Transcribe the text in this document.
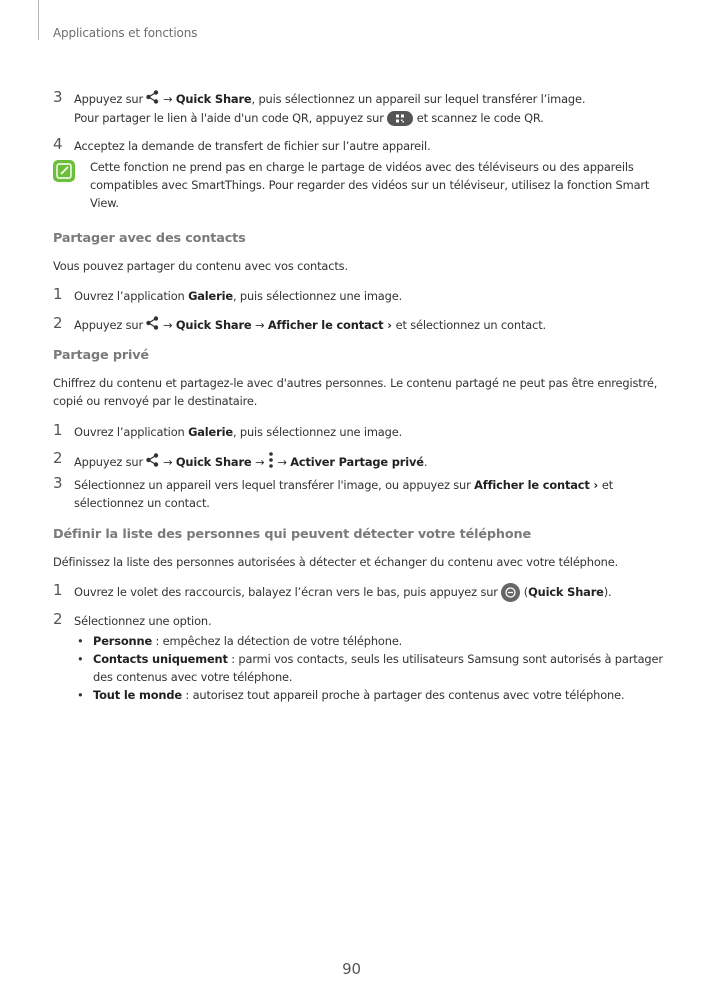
Applications et fonctions
3 Appuyez sur  → Quick Share, puis sélectionnez un appareil sur lequel transférer l’image.
Pour partager le lien à l'aide d'un code QR, appuyez sur
et scannez le code QR.
4 Acceptez la demande de transfert de fichier sur l’autre appareil.
Cette fonction ne prend pas en charge le partage de vidéos avec des téléviseurs ou des appareils compatibles avec SmartThings. Pour regarder des vidéos sur un téléviseur, utilisez la fonction Smart View.
Partager avec des contacts
Vous pouvez partager du contenu avec vos contacts.
1 Ouvrez l’application Galerie, puis sélectionnez une image.
2 Appuyez sur  → Quick Share → Afficher le contact › et sélectionnez un contact.
Partage privé
Chiffrez du contenu et partagez-le avec d'autres personnes. Le contenu partagé ne peut pas être enregistré, copié ou renvoyé par le destinataire.
1 Ouvrez l’application Galerie, puis sélectionnez une image.
2 Appuyez sur  → Quick Share →  → Activer Partage privé.
3 Sélectionnez un appareil vers lequel transférer l'image, ou appuyez sur Afficher le contact › et sélectionnez un contact.
Définir la liste des personnes qui peuvent détecter votre téléphone
Définissez la liste des personnes autorisées à détecter et échanger du contenu avec votre téléphone.
1 Ouvrez le volet des raccourcis, balayez l’écran vers le bas, puis appuyez sur
(Quick Share).
2 Sélectionnez une option.
• Personne : empêchez la détection de votre téléphone.
• Contacts uniquement : parmi vos contacts, seuls les utilisateurs Samsung sont autorisés à partager des contenus avec votre téléphone.
• Tout le monde : autorisez tout appareil proche à partager des contenus avec votre téléphone.
90
